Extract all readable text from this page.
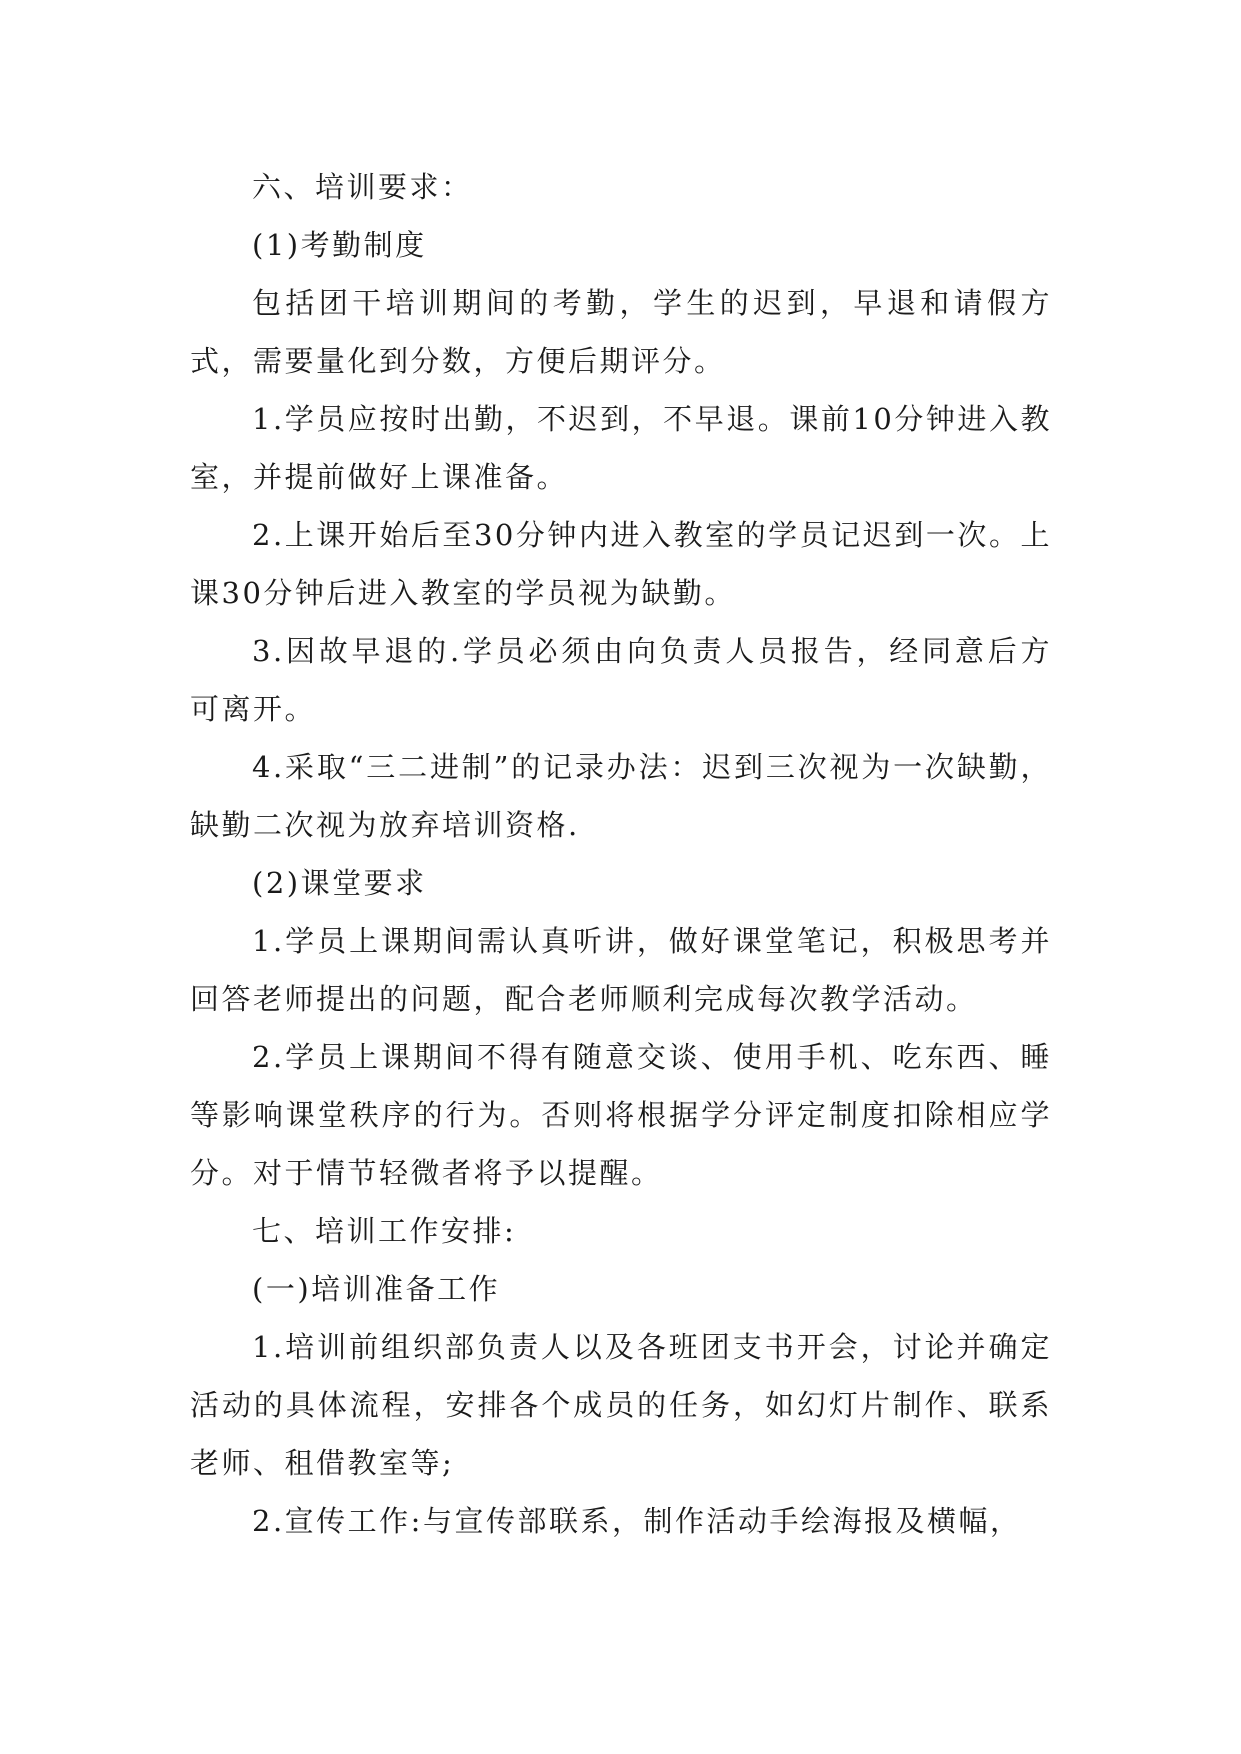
六、培训要求：

(1)考勤制度

包括团干培训期间的考勤，学生的迟到，早退和请假方式，需要量化到分数，方便后期评分。

1.学员应按时出勤，不迟到，不早退。课前10分钟进入教室，并提前做好上课准备。

2.上课开始后至30分钟内进入教室的学员记迟到一次。上课30分钟后进入教室的学员视为缺勤。

3.因故早退的.学员必须由向负责人员报告，经同意后方可离开。

4.采取“三二进制”的记录办法：迟到三次视为一次缺勤，缺勤二次视为放弃培训资格.

(2)课堂要求

1.学员上课期间需认真听讲，做好课堂笔记，积极思考并回答老师提出的问题，配合老师顺利完成每次教学活动。

2.学员上课期间不得有随意交谈、使用手机、吃东西、睡等影响课堂秩序的行为。否则将根据学分评定制度扣除相应学分。对于情节轻微者将予以提醒。

七、培训工作安排:

(一)培训准备工作

1.培训前组织部负责人以及各班团支书开会，讨论并确定活动的具体流程，安排各个成员的任务，如幻灯片制作、联系老师、租借教室等;

2.宣传工作:与宣传部联系，制作活动手绘海报及横幅，
